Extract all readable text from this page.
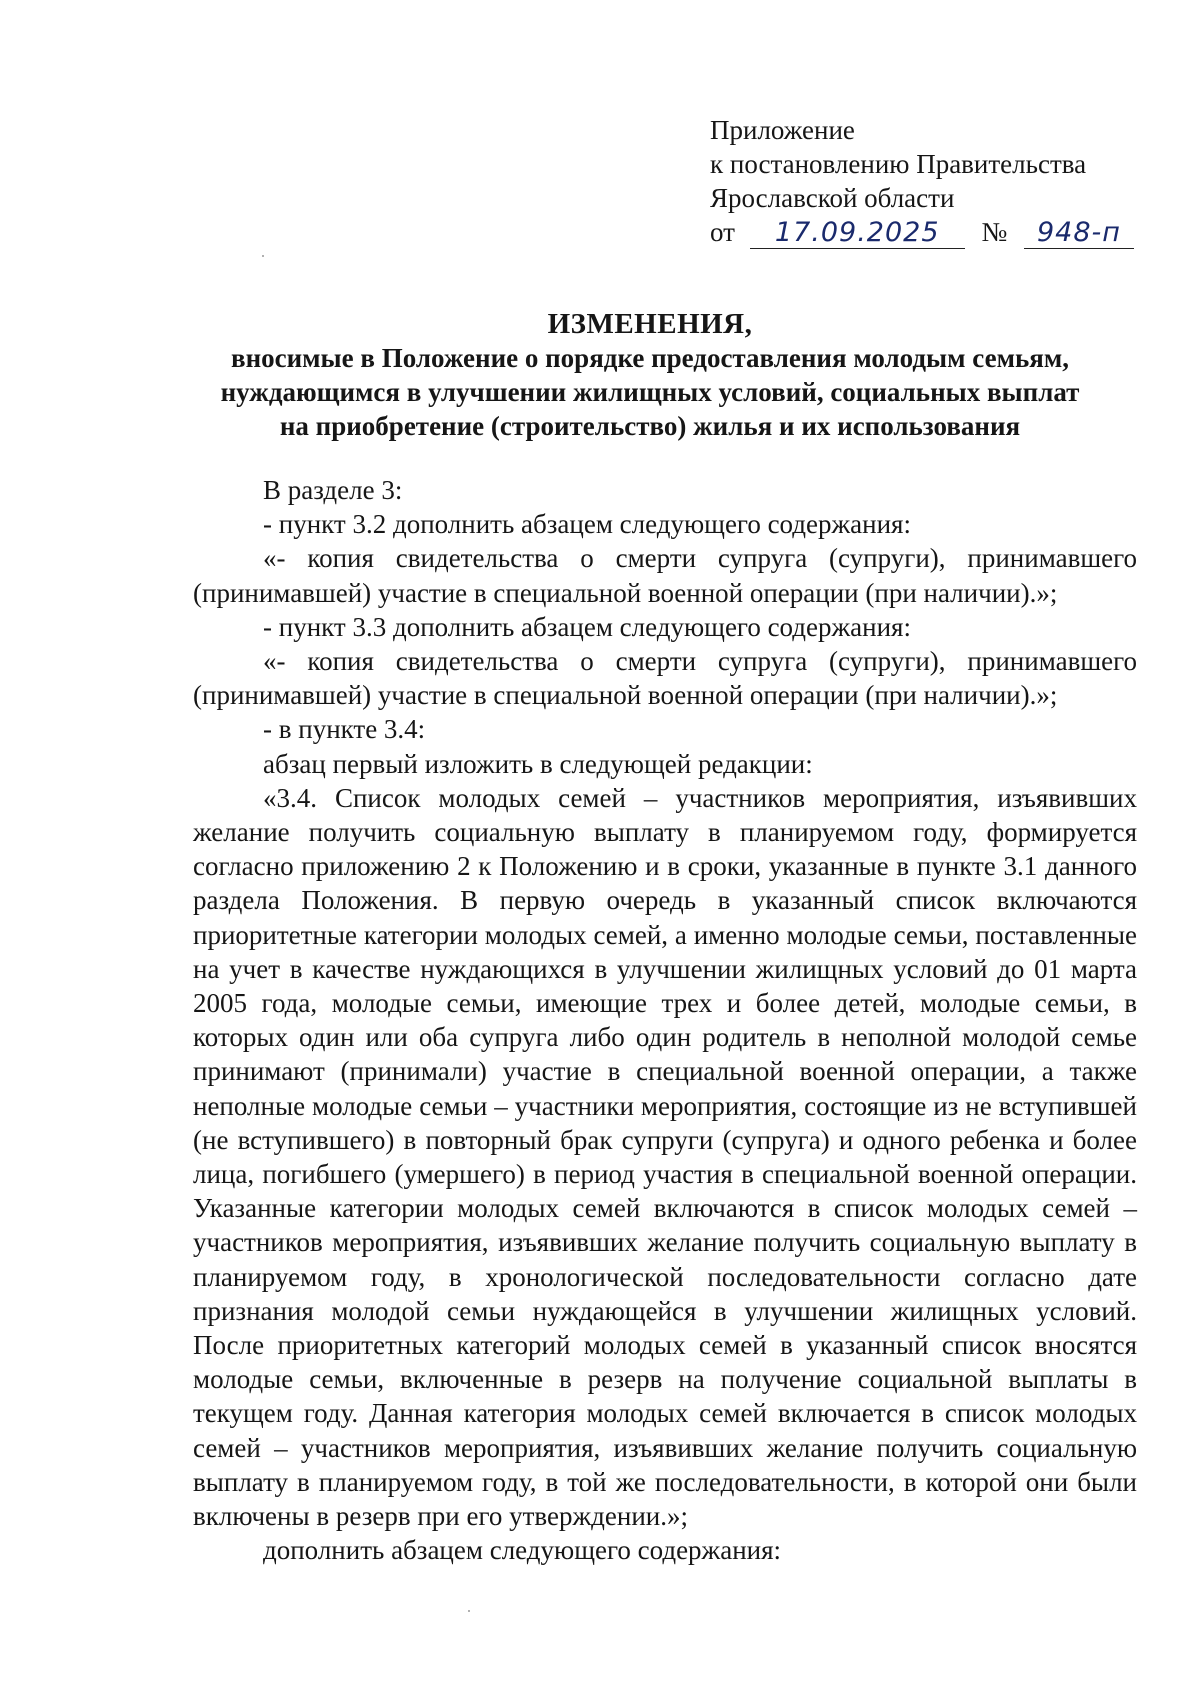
Приложение
к постановлению Правительства
Ярославской области
от 17.09.2025 № 948-п
ИЗМЕНЕНИЯ,
вносимые в Положение о порядке предоставления молодым семьям,
нуждающимся в улучшении жилищных условий, социальных выплат
на приобретение (строительство) жилья и их использования

В разделе 3:

- пункт 3.2 дополнить абзацем следующего содержания:

«- копия свидетельства о смерти супруга (супруги), принимавшего (принимавшей) участие в специальной военной операции (при наличии).»;

- пункт 3.3 дополнить абзацем следующего содержания:

«- копия свидетельства о смерти супруга (супруги), принимавшего (принимавшей) участие в специальной военной операции (при наличии).»;

- в пункте 3.4:

абзац первый изложить в следующей редакции:

«3.4. Список молодых семей – участников мероприятия, изъявивших желание получить социальную выплату в планируемом году, формируется согласно приложению 2 к Положению и в сроки, указанные в пункте 3.1 данного раздела Положения. В первую очередь в указанный список включаются приоритетные категории молодых семей, а именно молодые семьи, поставленные на учет в качестве нуждающихся в улучшении жилищных условий до 01 марта 2005 года, молодые семьи, имеющие трех и более детей, молодые семьи, в которых один или оба супруга либо один родитель в неполной молодой семье принимают (принимали) участие в специальной военной операции, а также неполные молодые семьи – участники мероприятия, состоящие из не вступившей (не вступившего) в повторный брак супруги (супруга) и одного ребенка и более лица, погибшего (умершего) в период участия в специальной военной операции. Указанные категории молодых семей включаются в список молодых семей – участников мероприятия, изъявивших желание получить социальную выплату в планируемом году, в хронологической последовательности согласно дате признания молодой семьи нуждающейся в улучшении жилищных условий. После приоритетных категорий молодых семей в указанный список вносятся молодые семьи, включенные в резерв на получение социальной выплаты в текущем году. Данная категория молодых семей включается в список молодых семей – участников мероприятия, изъявивших желание получить социальную выплату в планируемом году, в той же последовательности, в которой они были включены в резерв при его утверждении.»;

дополнить абзацем следующего содержания:
